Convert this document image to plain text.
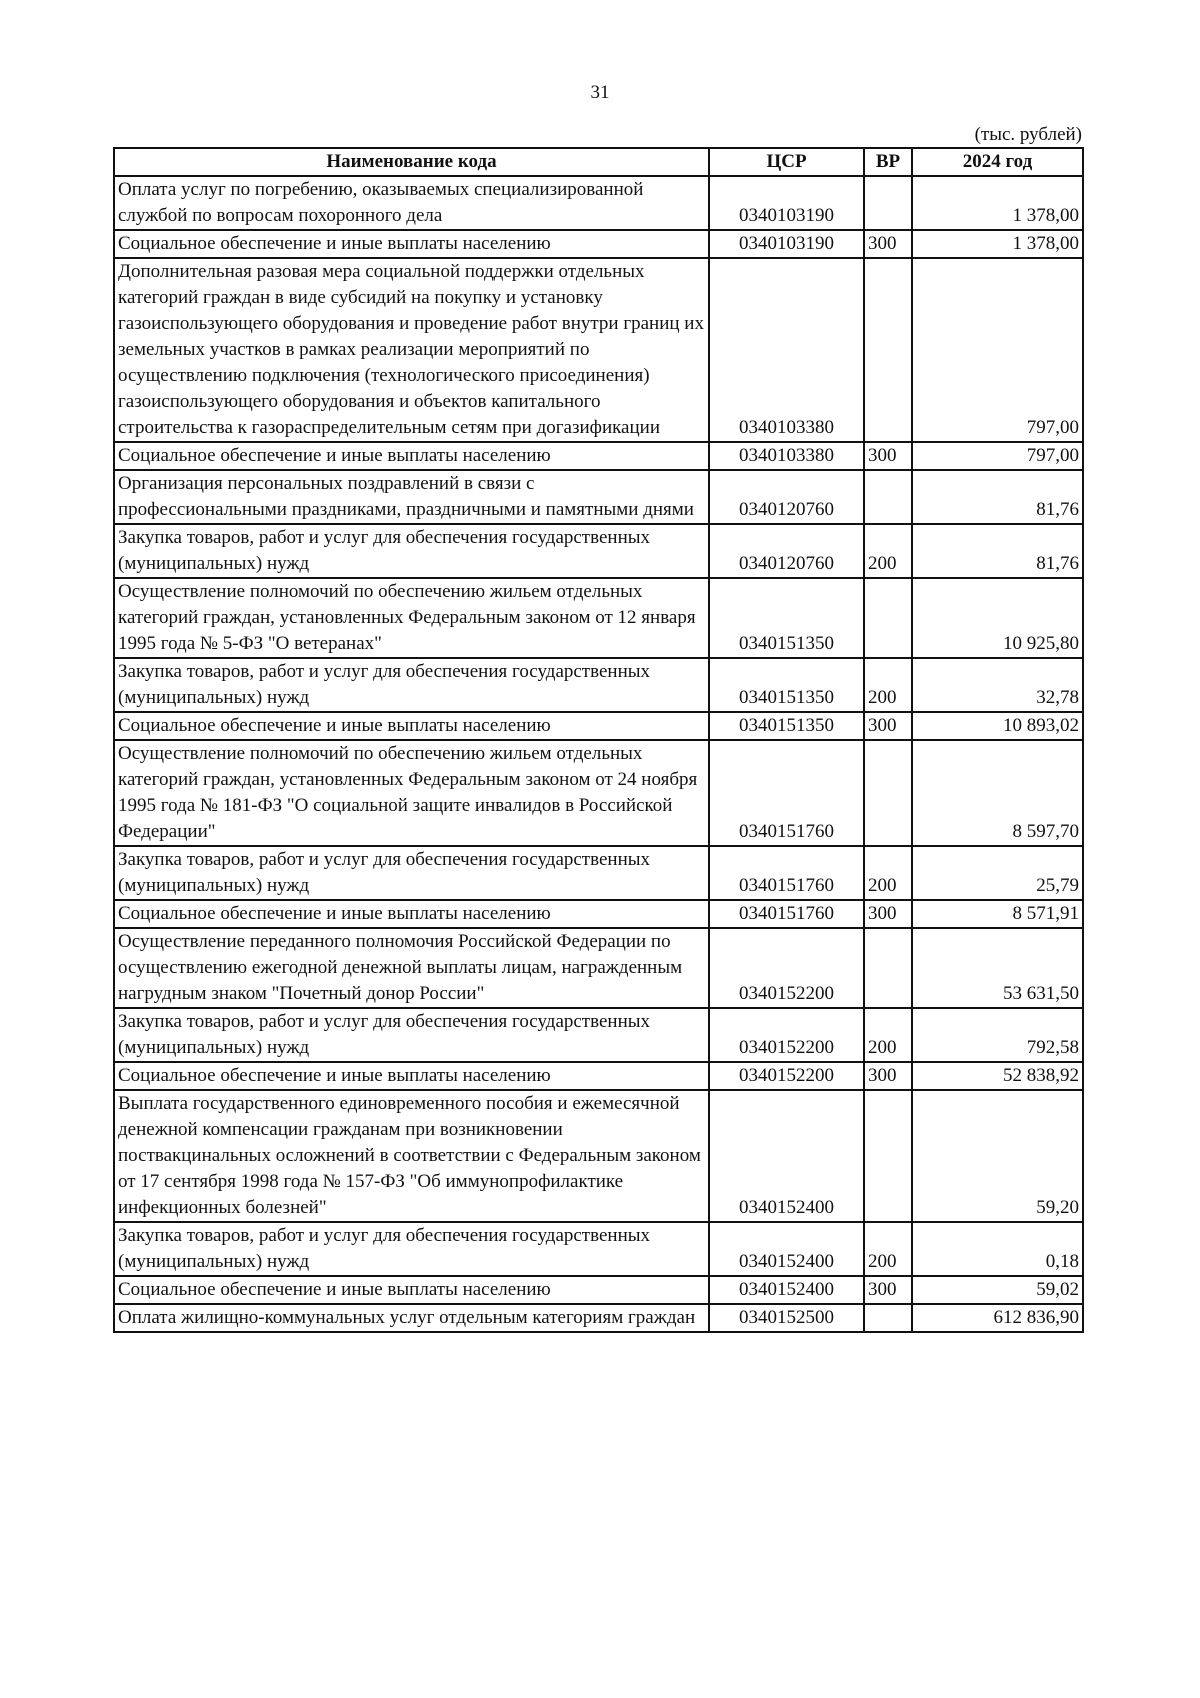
31
(тыс. рублей)
Наименование кода	ЦСР	ВР	2024 год
Оплата услуг по погребению, оказываемых специализированной службой по вопросам похоронного дела	0340103190		1 378,00
Социальное обеспечение и иные выплаты населению	0340103190	300	1 378,00
Дополнительная разовая мера социальной поддержки отдельных категорий граждан в виде субсидий на покупку и установку газоиспользующего оборудования и проведение работ внутри границ их земельных участков в рамках реализации мероприятий по осуществлению подключения (технологического присоединения) газоиспользующего оборудования и объектов капитального строительства к газораспределительным сетям при догазификации	0340103380		797,00
Социальное обеспечение и иные выплаты населению	0340103380	300	797,00
Организация персональных поздравлений в связи с профессиональными праздниками, праздничными и памятными днями	0340120760		81,76
Закупка товаров, работ и услуг для обеспечения государственных (муниципальных) нужд	0340120760	200	81,76
Осуществление полномочий по обеспечению жильем отдельных категорий граждан, установленных Федеральным законом от 12 января 1995 года № 5-ФЗ "О ветеранах"	0340151350		10 925,80
Закупка товаров, работ и услуг для обеспечения государственных (муниципальных) нужд	0340151350	200	32,78
Социальное обеспечение и иные выплаты населению	0340151350	300	10 893,02
Осуществление полномочий по обеспечению жильем отдельных категорий граждан, установленных Федеральным законом от 24 ноября 1995 года № 181-ФЗ "О социальной защите инвалидов в Российской Федерации"	0340151760		8 597,70
Закупка товаров, работ и услуг для обеспечения государственных (муниципальных) нужд	0340151760	200	25,79
Социальное обеспечение и иные выплаты населению	0340151760	300	8 571,91
Осуществление переданного полномочия Российской Федерации по осуществлению ежегодной денежной выплаты лицам, награжденным нагрудным знаком "Почетный донор России"	0340152200		53 631,50
Закупка товаров, работ и услуг для обеспечения государственных (муниципальных) нужд	0340152200	200	792,58
Социальное обеспечение и иные выплаты населению	0340152200	300	52 838,92
Выплата государственного единовременного пособия и ежемесячной денежной компенсации гражданам при возникновении поствакцинальных осложнений в соответствии с Федеральным законом от 17 сентября 1998 года № 157-ФЗ "Об иммунопрофилактике инфекционных болезней"	0340152400		59,20
Закупка товаров, работ и услуг для обеспечения государственных (муниципальных) нужд	0340152400	200	0,18
Социальное обеспечение и иные выплаты населению	0340152400	300	59,02
Оплата жилищно-коммунальных услуг отдельным категориям граждан	0340152500		612 836,90
